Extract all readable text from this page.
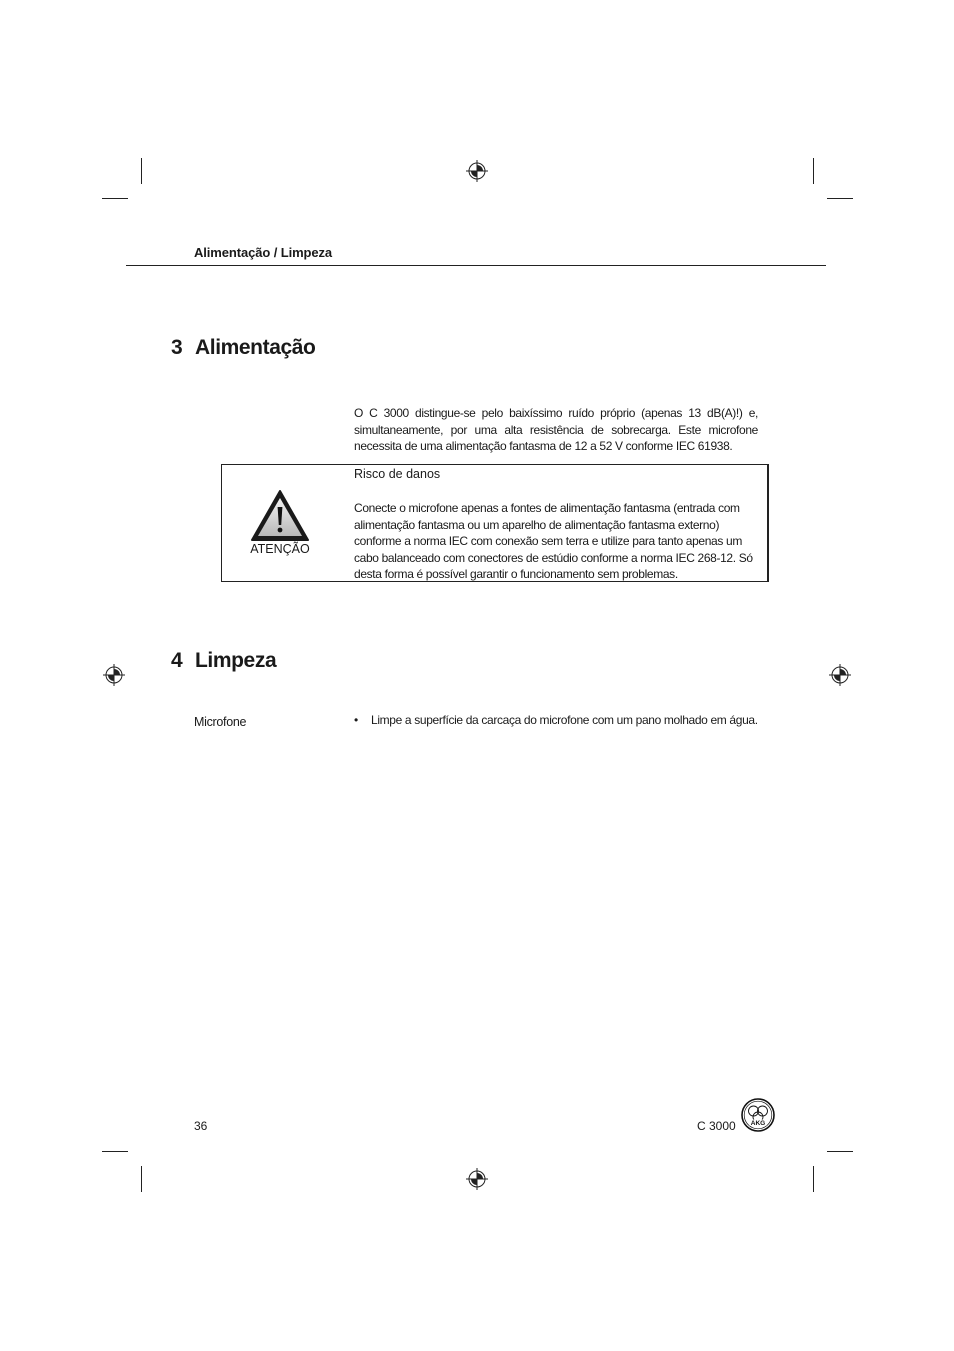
Alimentação / Limpeza
3 Alimentação
O C 3000 distingue-se pelo baixíssimo ruído próprio (apenas 13 dB(A)!) e, simultaneamente, por uma alta resistência de sobrecarga. Este microfone necessita de uma alimentação fantasma de 12 a 52 V conforme IEC 61938.
ATENÇÃO
Risco de danos
Conecte o microfone apenas a fontes de alimentação fantasma (entrada com alimentação fantasma ou um aparelho de alimentação fantasma externo) conforme a norma IEC com conexão sem terra e utilize para tanto apenas um cabo balanceado com conectores de estúdio conforme a norma IEC 268-12. Só desta forma é possível garantir o funcionamento sem problemas.
4 Limpeza
Microfone	• Limpe a superfície da carcaça do microfone com um pano molhado em água.
36	C 3000 AKG
